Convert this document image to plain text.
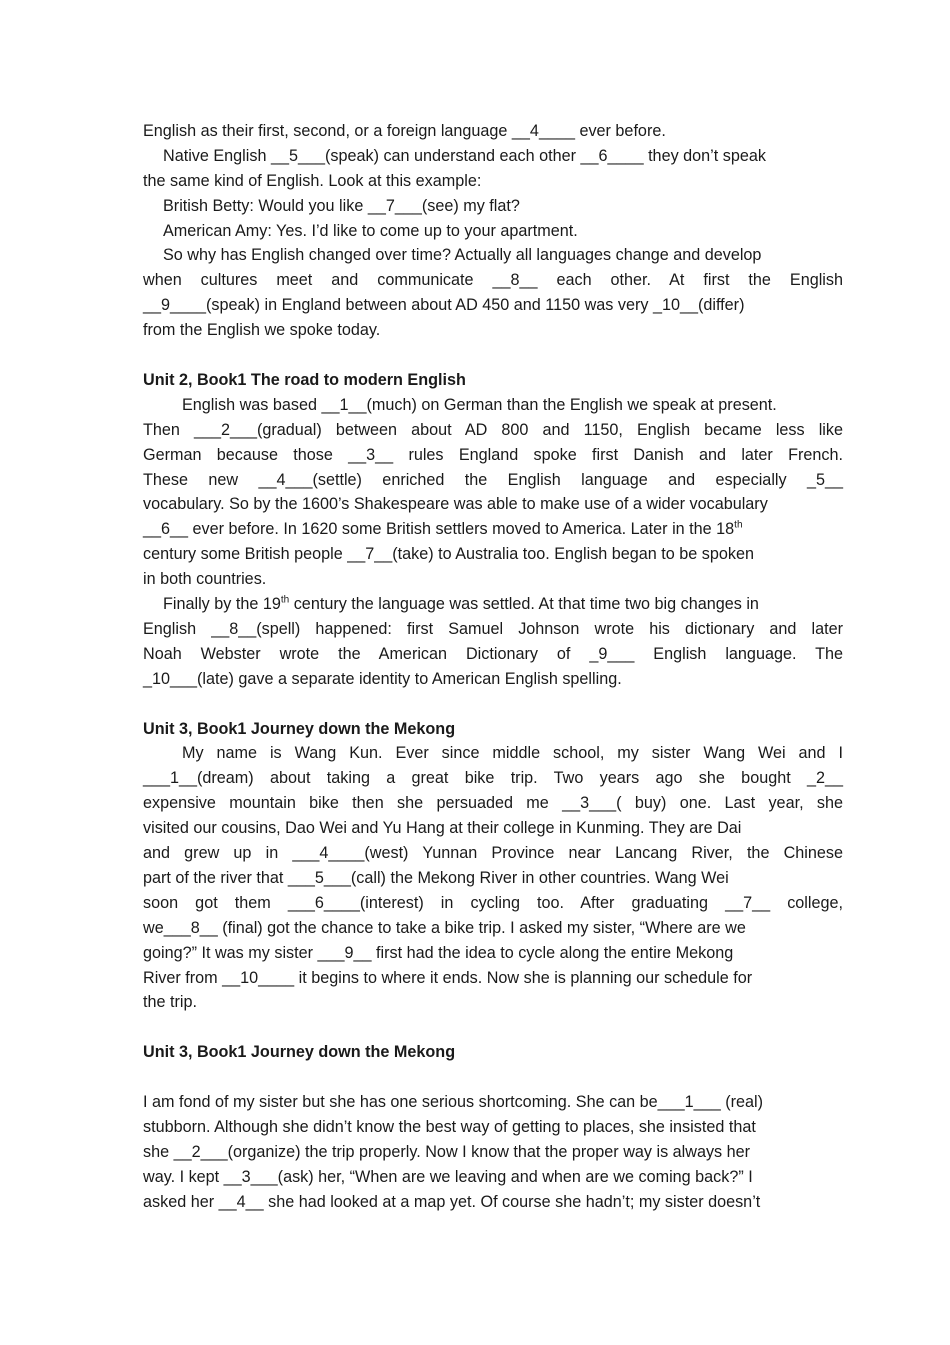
English as their first, second, or a foreign language __4____ ever before.
Native English __5___(speak) can understand each other __6____ they don’t speak
the same kind of English. Look at this example:
British Betty: Would you like __7___(see) my flat?
American Amy: Yes. I’d like to come up to your apartment.
So why has English changed over time? Actually all languages change and develop
when cultures meet and communicate __8__ each other. At first the English
__9____(speak) in England between about AD 450 and 1150 was very _10__(differ)
from the English we spoke today.
Unit 2, Book1 The road to modern English
English was based __1__(much) on German than the English we speak at present.
Then ___2___(gradual) between about AD 800 and 1150, English became less like
German because those __3__ rules England spoke first Danish and later French.
These new __4___(settle) enriched the English language and especially _5__
vocabulary. So by the 1600’s Shakespeare was able to make use of a wider vocabulary
__6__ ever before. In 1620 some British settlers moved to America. Later in the 18th
century some British people __7__(take) to Australia too. English began to be spoken
in both countries.
Finally by the 19th century the language was settled. At that time two big changes in
English __8__(spell) happened: first Samuel Johnson wrote his dictionary and later
Noah Webster wrote the American Dictionary of _9___ English language. The
_10___(late) gave a separate identity to American English spelling.
Unit 3, Book1 Journey down the Mekong
My name is Wang Kun. Ever since middle school, my sister Wang Wei and I
___1__(dream) about taking a great bike trip. Two years ago she bought _2__
expensive mountain bike then she persuaded me __3___( buy) one. Last year, she
visited our cousins, Dao Wei and Yu Hang at their college in Kunming. They are Dai
and grew up in ___4____(west) Yunnan Province near Lancang River, the Chinese
part of the river that ___5___(call) the Mekong River in other countries. Wang Wei
soon got them ___6____(interest) in cycling too. After graduating __7__ college,
we___8__ (final) got the chance to take a bike trip. I asked my sister, “Where are we
going?” It was my sister ___9__ first had the idea to cycle along the entire Mekong
River from __10____ it begins to where it ends. Now she is planning our schedule for
the trip.
Unit 3, Book1 Journey down the Mekong
I am fond of my sister but she has one serious shortcoming. She can be___1___ (real)
stubborn. Although she didn’t know the best way of getting to places, she insisted that
she __2___(organize) the trip properly. Now I know that the proper way is always her
way. I kept __3___(ask) her, “When are we leaving and when are we coming back?” I
asked her __4__ she had looked at a map yet. Of course she hadn’t; my sister doesn’t
